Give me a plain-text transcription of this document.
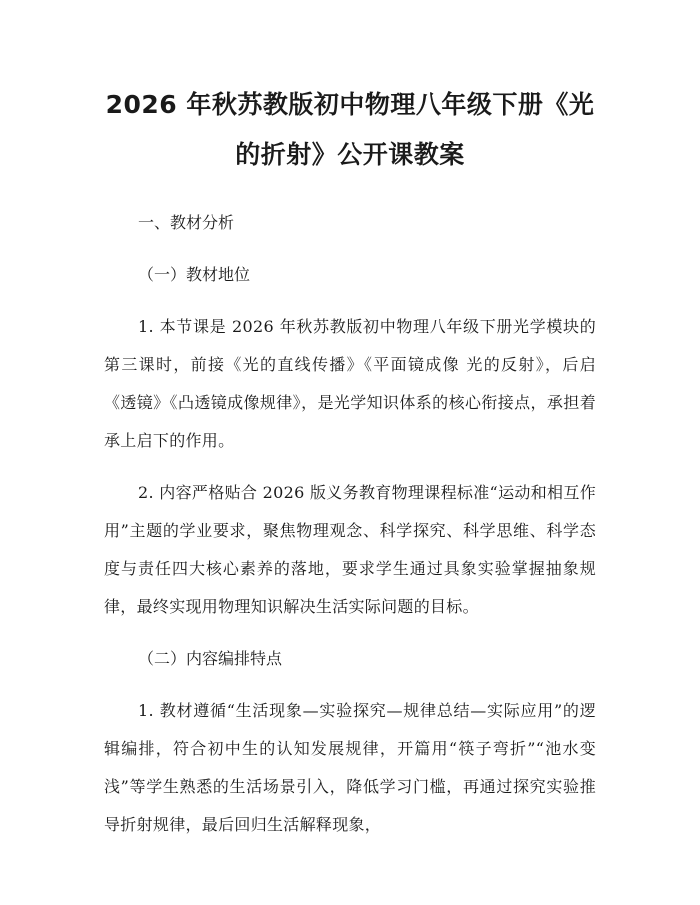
2026 年秋苏教版初中物理八年级下册《光的折射》公开课教案

一、教材分析

（一）教材地位

1. 本节课是 2026 年秋苏教版初中物理八年级下册光学模块的第三课时，前接《光的直线传播》《平面镜成像 光的反射》，后启《透镜》《凸透镜成像规律》，是光学知识体系的核心衔接点，承担着承上启下的作用。

2. 内容严格贴合 2026 版义务教育物理课程标准“运动和相互作用”主题的学业要求，聚焦物理观念、科学探究、科学思维、科学态度与责任四大核心素养的落地，要求学生通过具象实验掌握抽象规律，最终实现用物理知识解决生活实际问题的目标。

（二）内容编排特点

1. 教材遵循“生活现象—实验探究—规律总结—实际应用”的逻辑编排，符合初中生的认知发展规律，开篇用“筷子弯折”“池水变浅”等学生熟悉的生活场景引入，降低学习门槛，再通过探究实验推导折射规律，最后回归生活解释现象，
